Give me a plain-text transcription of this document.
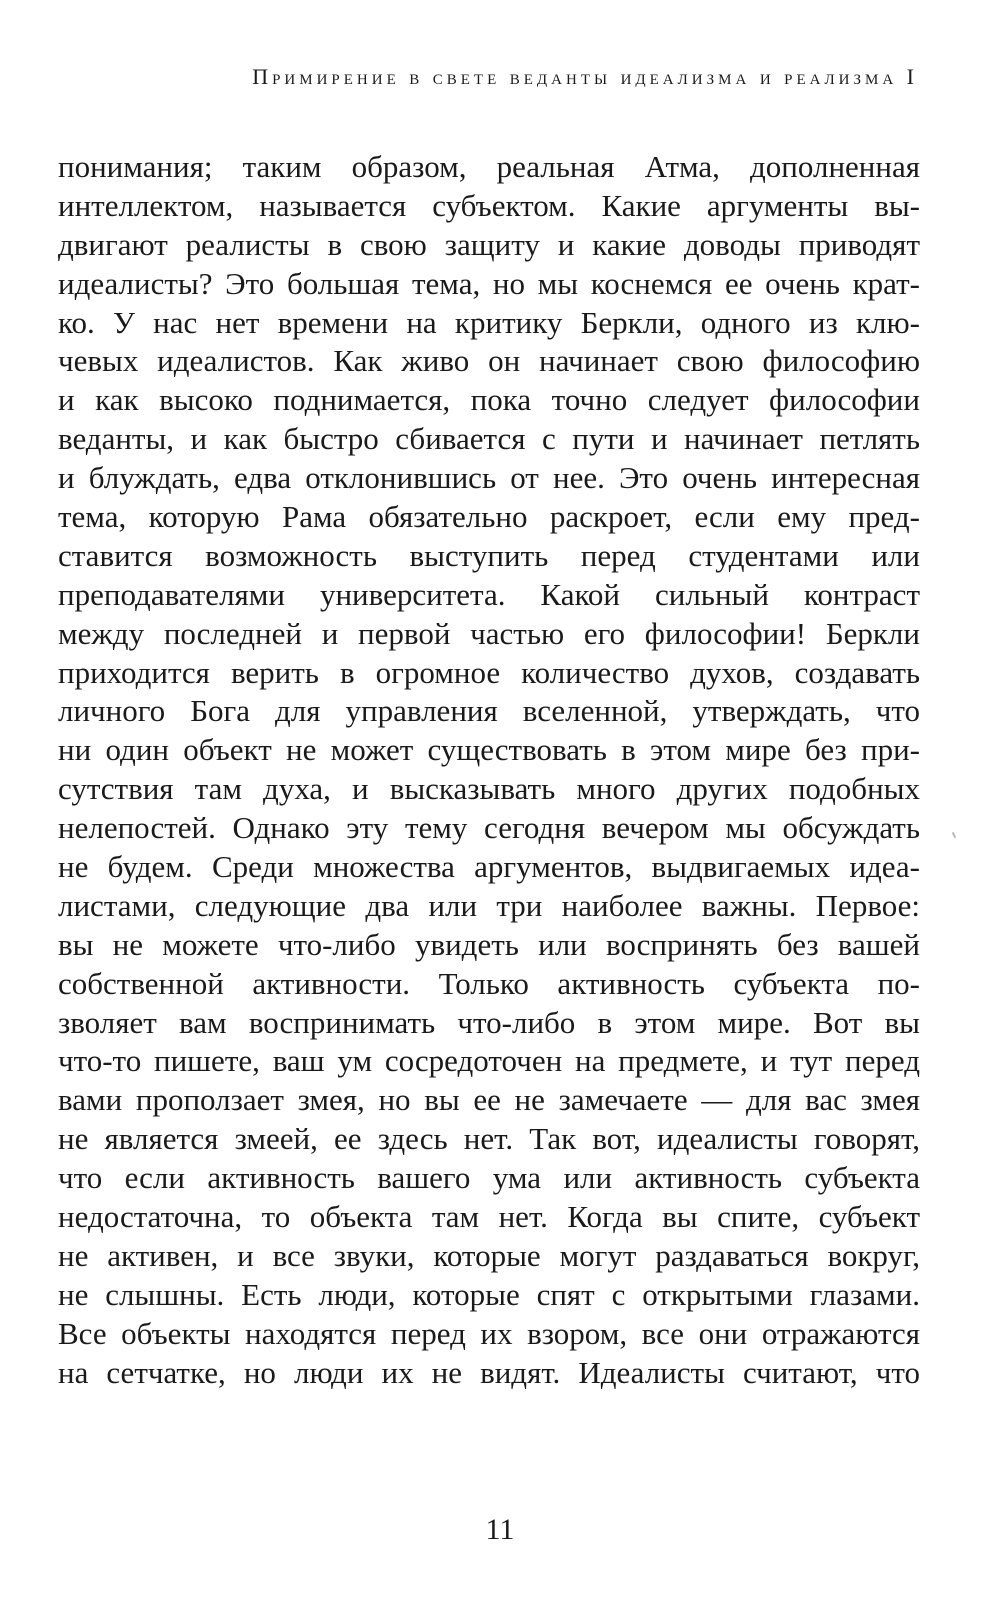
Примирение в свете веданты идеализма и реализма I
понимания; таким образом, реальная Атма, дополненная
интеллектом, называется субъектом. Какие аргументы вы-
двигают реалисты в свою защиту и какие доводы приводят
идеалисты? Это большая тема, но мы коснемся ее очень крат-
ко. У нас нет времени на критику Беркли, одного из клю-
чевых идеалистов. Как живо он начинает свою философию
и как высоко поднимается, пока точно следует философии
веданты, и как быстро сбивается с пути и начинает петлять
и блуждать, едва отклонившись от нее. Это очень интересная
тема, которую Рама обязательно раскроет, если ему пред-
ставится возможность выступить перед студентами или
преподавателями университета. Какой сильный контраст
между последней и первой частью его философии! Беркли
приходится верить в огромное количество духов, создавать
личного Бога для управления вселенной, утверждать, что
ни один объект не может существовать в этом мире без при-
сутствия там духа, и высказывать много других подобных
нелепостей. Однако эту тему сегодня вечером мы обсуждать
не будем. Среди множества аргументов, выдвигаемых идеа-
листами, следующие два или три наиболее важны. Первое:
вы не можете что-либо увидеть или воспринять без вашей
собственной активности. Только активность субъекта по-
зволяет вам воспринимать что-либо в этом мире. Вот вы
что-то пишете, ваш ум сосредоточен на предмете, и тут перед
вами проползает змея, но вы ее не замечаете — для вас змея
не является змеей, ее здесь нет. Так вот, идеалисты говорят,
что если активность вашего ума или активность субъекта
недостаточна, то объекта там нет. Когда вы спите, субъект
не активен, и все звуки, которые могут раздаваться вокруг,
не слышны. Есть люди, которые спят с открытыми глазами.
Все объекты находятся перед их взором, все они отражаются
на сетчатке, но люди их не видят. Идеалисты считают, что
11
